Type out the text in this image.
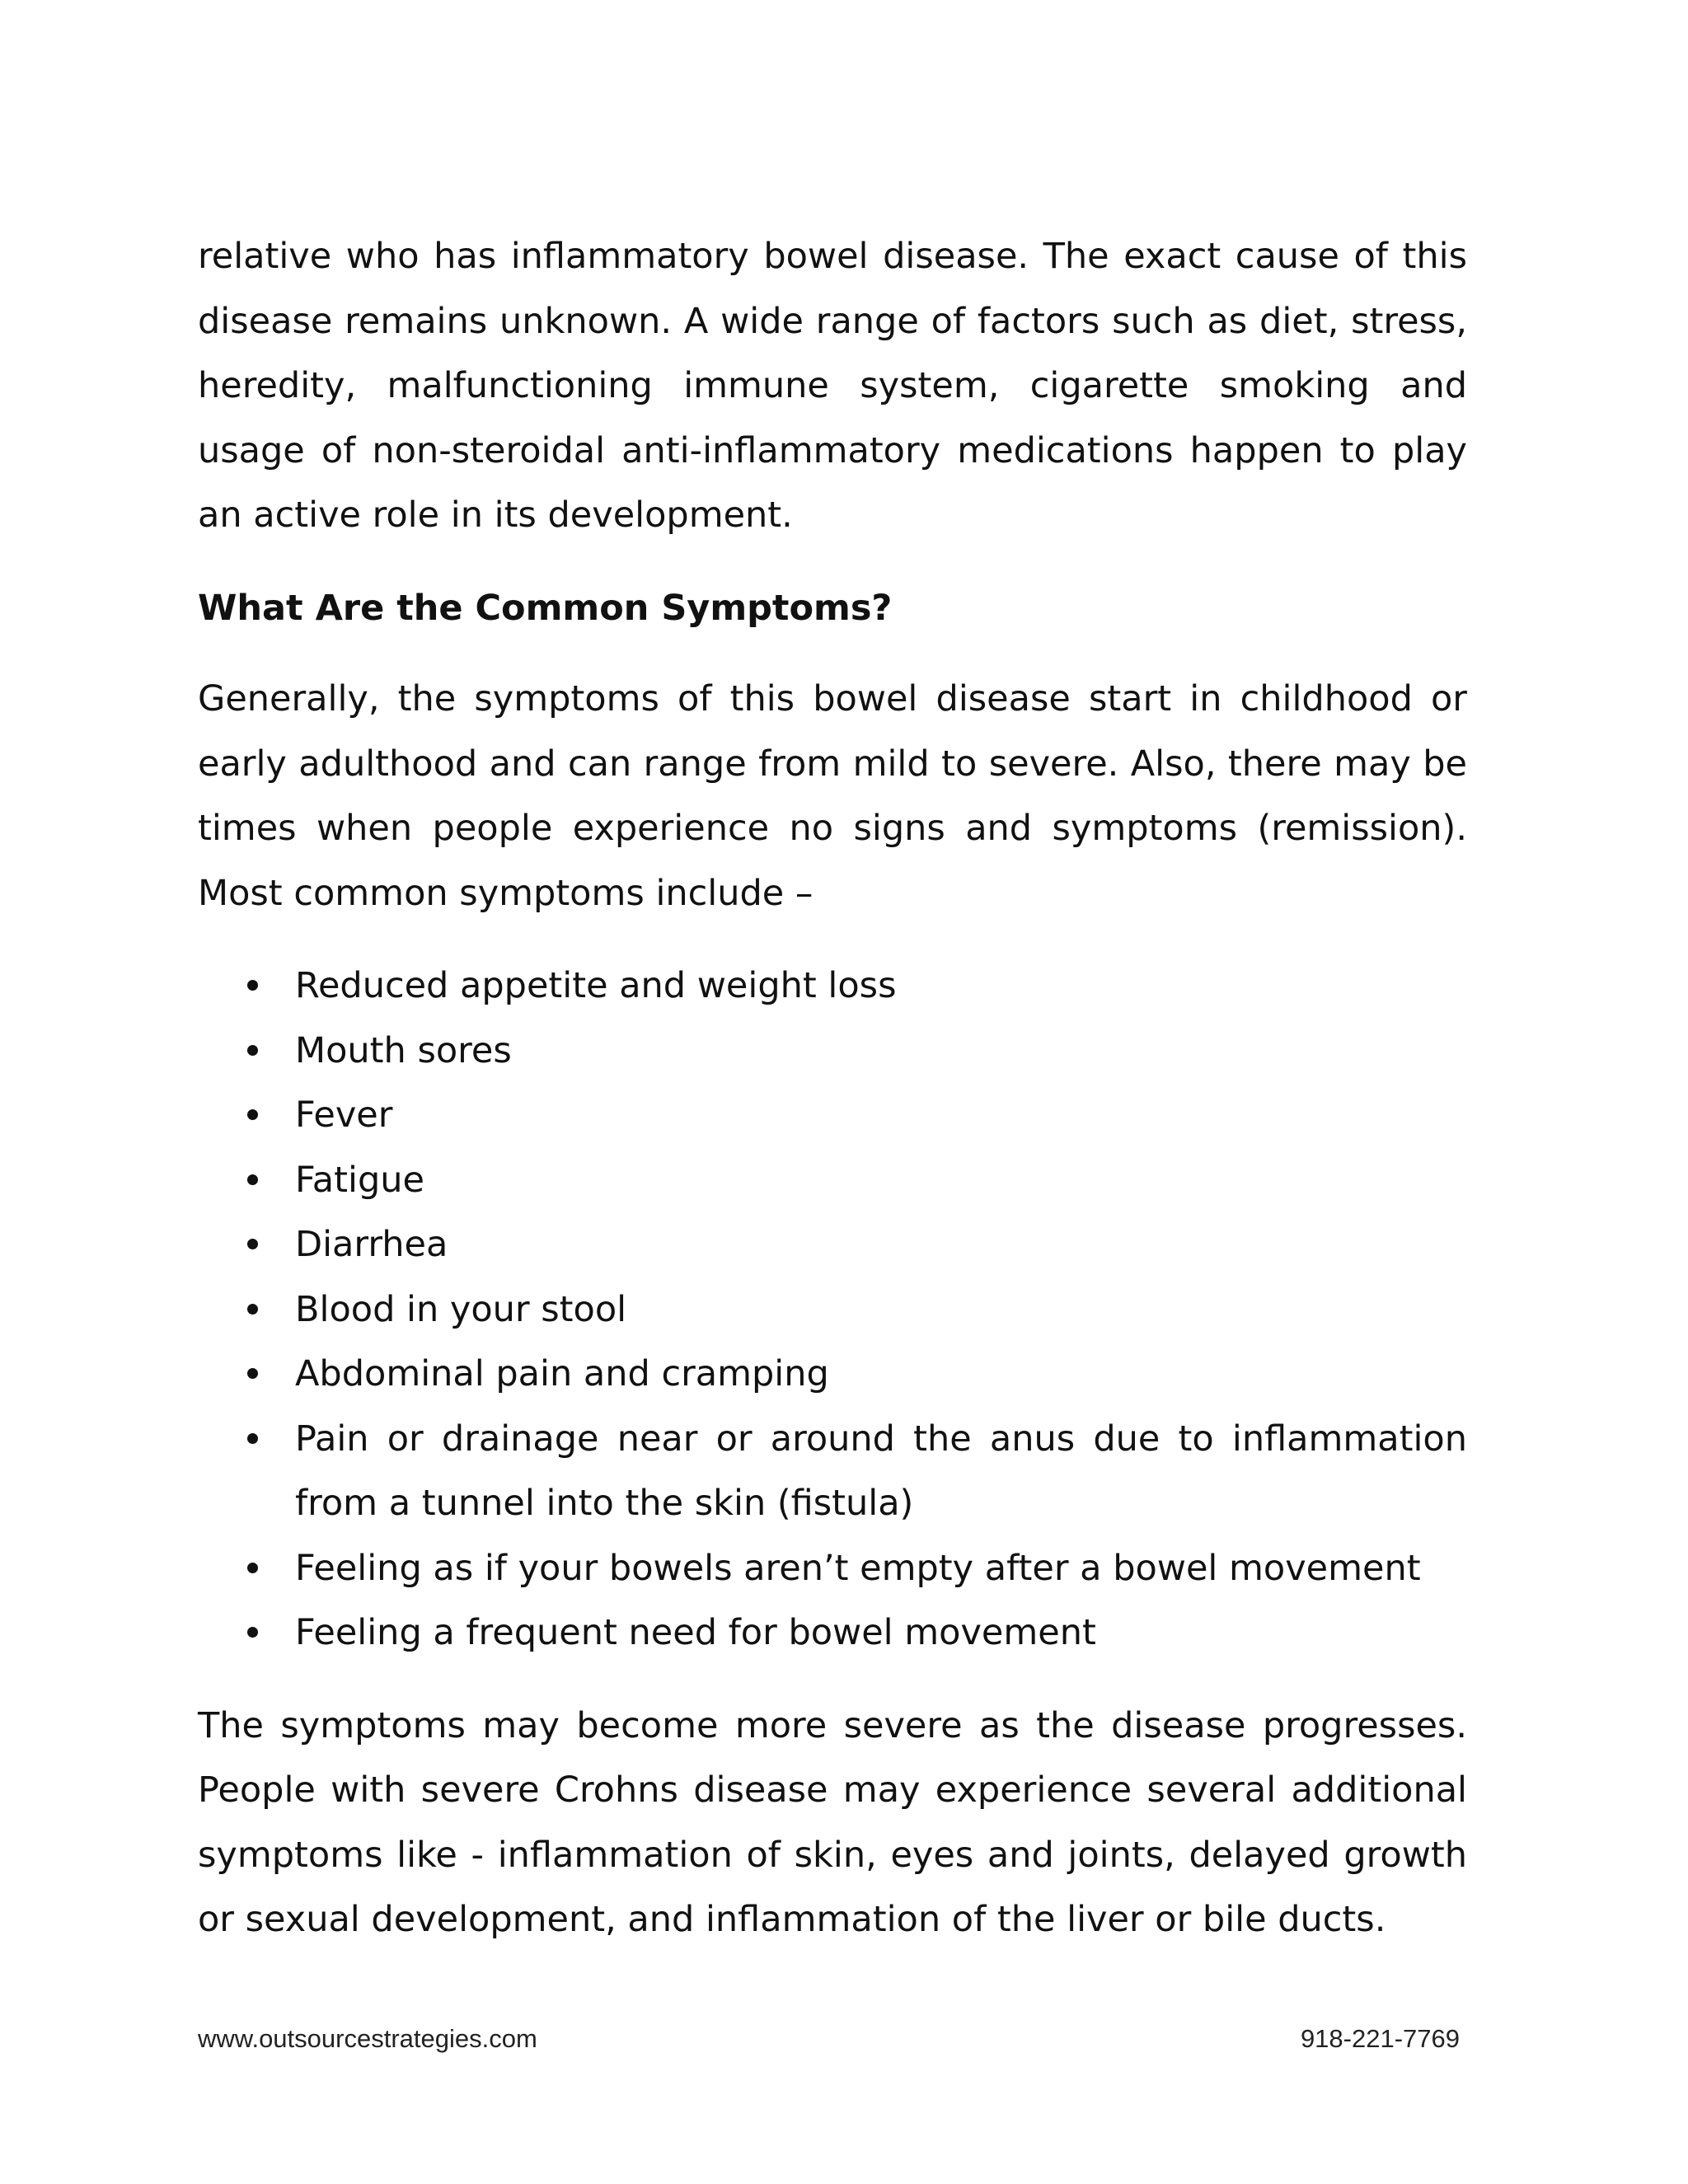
relative who has inflammatory bowel disease. The exact cause of this disease remains unknown. A wide range of factors such as diet, stress, heredity, malfunctioning immune system, cigarette smoking and usage of non-steroidal anti-inflammatory medications happen to play an active role in its development.

What Are the Common Symptoms?

Generally, the symptoms of this bowel disease start in childhood or early adulthood and can range from mild to severe. Also, there may be times when people experience no signs and symptoms (remission). Most common symptoms include –

Reduced appetite and weight loss
Mouth sores
Fever
Fatigue
Diarrhea
Blood in your stool
Abdominal pain and cramping
Pain or drainage near or around the anus due to inflammation from a tunnel into the skin (fistula)
Feeling as if your bowels aren’t empty after a bowel movement
Feeling a frequent need for bowel movement

The symptoms may become more severe as the disease progresses. People with severe Crohns disease may experience several additional symptoms like - inflammation of skin, eyes and joints, delayed growth or sexual development, and inflammation of the liver or bile ducts.

www.outsourcestrategies.com	918-221-7769
